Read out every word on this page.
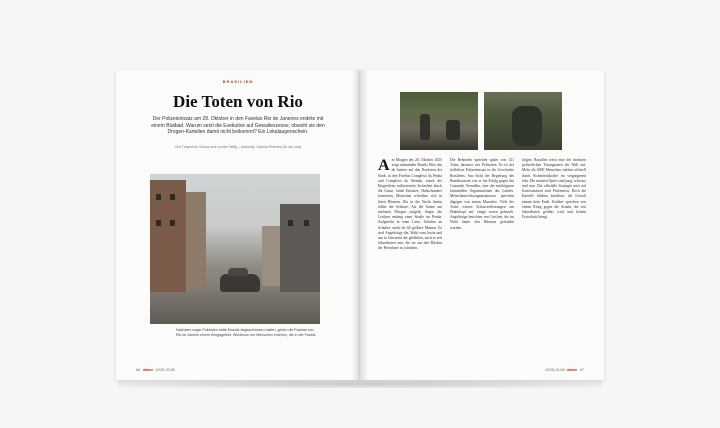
BRASILIEN
Die Toten von Rio
Der Polizeieinsatz am 28. Oktober in den Favelas Rio de Janeiros endete mit einem Blutbad. Warum setzt die Exekutive auf Gewaltexzesse, obwohl sie den Drogen-Kartellen damit nicht beikommt? Ein Lokalaugenschein.
Von Thayná de Souza und Leonie Seifig – Amnesty: Victoria Pedraza (Ai da Lura)
Nachdem sogar Polizisten hatte Einsatz abgeschlossen hatten, gehen die Favelas von Rio de Janeiro einem Kriegsgebiet. Wiederum zur Menschen ersehen, die in der Favela.
66 datum 12/25–01/26
Am Morgen des 28. Oktober 2025 zeigt niemanden Brasils Elite das de Janeiro auf den Nordseen der Stadt, in den Favelas Complexo da Penha und Complexo do Alemão, zuseit der Eingreifens, militarisierte Sicherheit durch die Gasse, fatale Einsätze, Hubschrauber formieren, Menschen schreiben sich in ihren Häusern. Bis in die Nacht hinein fallen die Schüsse. Als die Sonne am nächsten Morgen aufgeht, liegen die Leichen entlang einer Straße im Penha. Aufgereiht in einer Linie, Schulter an Schulter, mehr als 60 größere Männer. Es sind Angehörige die, Wald vom Justiz und aus in Umrissen der gefühlten, auch es seit Jahrzehnten sein, die sie aus den Blicken der Bewohner zu schützen.
Die Behörden sprechen später von 121 Toten, darunter vier Polizisten. Es ist der tödlichste Polizeieinsatz in der Geschichte Brasiliens. Aus Sicht der Regierung des Bundesstaates war er ein Erfolg gegen das Comando Vermelho, eine der mächtigsten kriminellen Organisationen des Landes. Menschenrechtsorganisationen sprechen dagegen von einem Massaker. Viele der Toten wiesen Schussverletzungen am Hinterkopf auf, einige waren gefesselt. Angehörige berichten von Leichen, die im Wald hinter den Häusern gefunden wurden.
folgen. Brasilien weist eine der höchsten polizeilichen Tötungsraten der Welt auf. Mehr als 6000 Menschen starben offiziell durch Sicherheitskräfte im vergangenen Jahr. Die meisten Opfer sind jung, schwarz und arm. Die offizielle Strategie setzt auf Konfrontation statt Prävention. Doch die Kartelle bleiben bestehen, die Gewalt nimmt kein Ende. Kritiker sprechen von einem Krieg gegen die Armen, der seit Jahrzehnten geführt wird und keinen Fortschritt bringt.
12/25–01/26 datum 67
